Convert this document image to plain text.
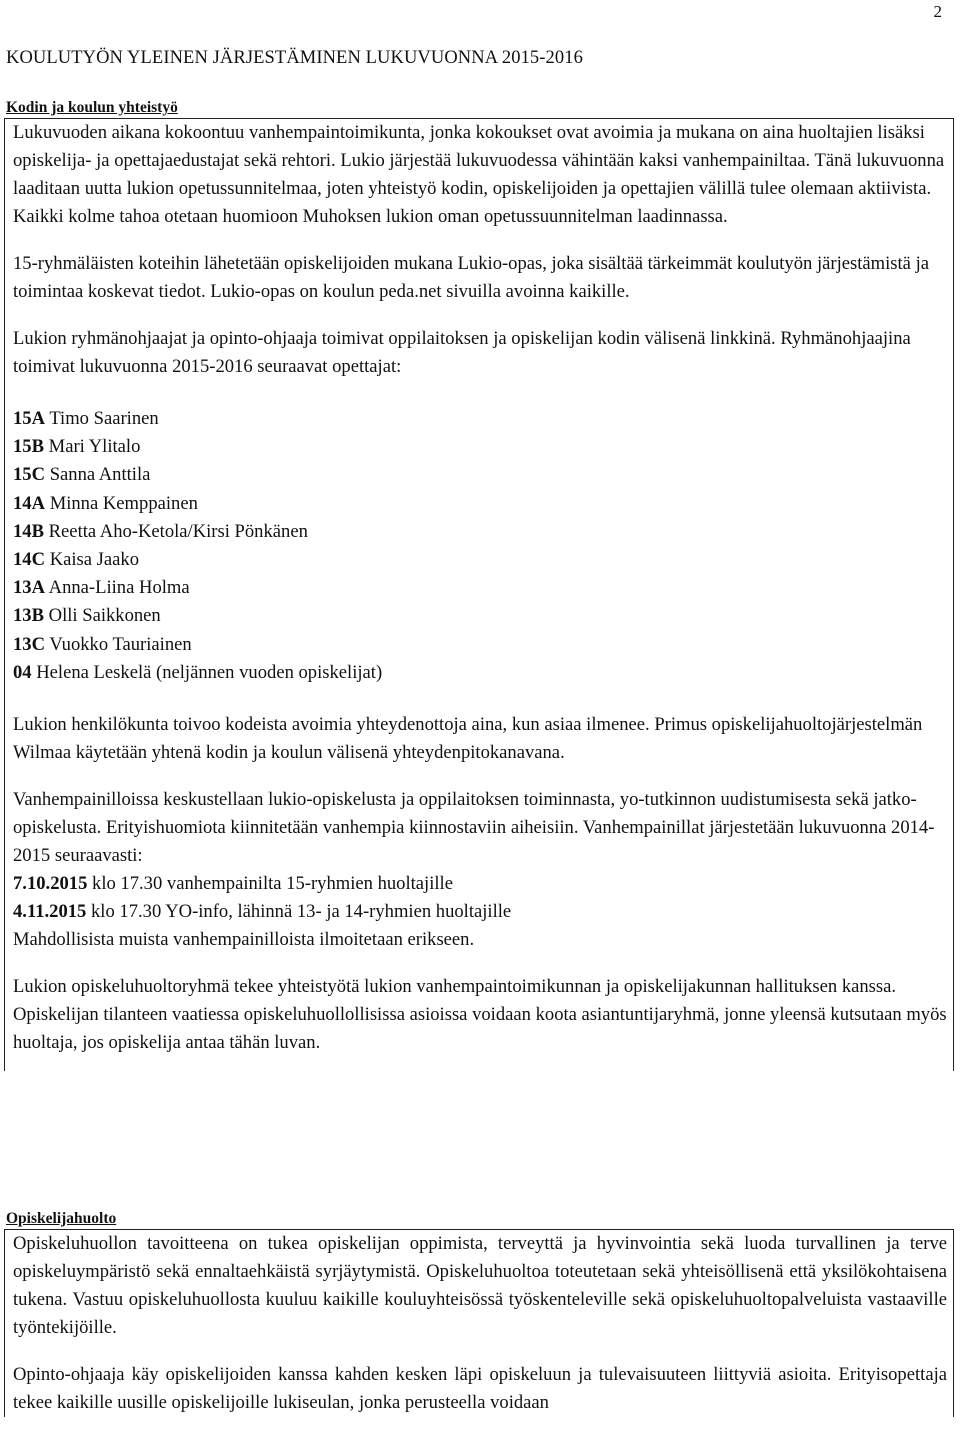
2
KOULUTYÖN YLEINEN JÄRJESTÄMINEN LUKUVUONNA 2015-2016
Kodin ja koulun yhteistyö

Lukuvuoden aikana kokoontuu vanhempaintoimikunta, jonka kokoukset ovat avoimia ja mukana on aina huoltajien lisäksi opiskelija- ja opettajaedustajat sekä rehtori. Lukio järjestää lukuvuodessa vähintään kaksi vanhempainiltaa. Tänä lukuvuonna laaditaan uutta lukion opetussunnitelmaa, joten yhteistyö kodin, opiskelijoiden ja opettajien välillä tulee olemaan aktiivista. Kaikki kolme tahoa otetaan huomioon Muhoksen lukion oman opetussuunnitelman laadinnassa.

15-ryhmäläisten koteihin lähetetään opiskelijoiden mukana Lukio-opas, joka sisältää tärkeimmät koulutyön järjestämistä ja toimintaa koskevat tiedot. Lukio-opas on koulun peda.net sivuilla avoinna kaikille.

Lukion ryhmänohjaajat ja opinto-ohjaaja toimivat oppilaitoksen ja opiskelijan kodin välisenä linkkinä. Ryhmänohjaajina toimivat lukuvuonna 2015-2016 seuraavat opettajat:

15A Timo Saarinen
15B Mari Ylitalo
15C Sanna Anttila
14A Minna Kemppainen
14B Reetta Aho-Ketola/Kirsi Pönkänen
14C Kaisa Jaako
13A Anna-Liina Holma
13B Olli Saikkonen
13C Vuokko Tauriainen
04 Helena Leskelä (neljännen vuoden opiskelijat)

Lukion henkilökunta toivoo kodeista avoimia yhteydenottoja aina, kun asiaa ilmenee. Primus opiskelijahuoltojärjestelmän Wilmaa käytetään yhtenä kodin ja koulun välisenä yhteydenpitokanavana.

Vanhempainilloissa keskustellaan lukio-opiskelusta ja oppilaitoksen toiminnasta, yo-tutkinnon uudistumisesta sekä jatko-opiskelusta. Erityishuomiota kiinnitetään vanhempia kiinnostaviin aiheisiin. Vanhempainillat järjestetään lukuvuonna 2014-2015 seuraavasti:
7.10.2015 klo 17.30 vanhempainilta 15-ryhmien huoltajille
4.11.2015 klo 17.30 YO-info, lähinnä 13- ja 14-ryhmien huoltajille
Mahdollisista muista vanhempainilloista ilmoitetaan erikseen.

Lukion opiskeluhuoltoryhmä tekee yhteistyötä lukion vanhempaintoimikunnan ja opiskelijakunnan hallituksen kanssa. Opiskelijan tilanteen vaatiessa opiskeluhuollollisissa asioissa voidaan koota asiantuntijaryhmä, jonne yleensä kutsutaan myös huoltaja, jos opiskelija antaa tähän luvan.

Opiskelijahuolto

Opiskeluhuollon tavoitteena on tukea opiskelijan oppimista, terveyttä ja hyvinvointia sekä luoda turvallinen ja terve opiskeluympäristö sekä ennaltaehkäistä syrjäytymistä. Opiskeluhuoltoa toteutetaan sekä yhteisöllisenä että yksilökohtaisena tukena. Vastuu opiskeluhuollosta kuuluu kaikille kouluyhteisössä työskenteleville sekä opiskeluhuoltopalveluista vastaaville työntekijöille.

Opinto-ohjaaja käy opiskelijoiden kanssa kahden kesken läpi opiskeluun ja tulevaisuuteen liittyviä asioita. Erityisopettaja tekee kaikille uusille opiskelijoille lukiseulan, jonka perusteella voidaan
